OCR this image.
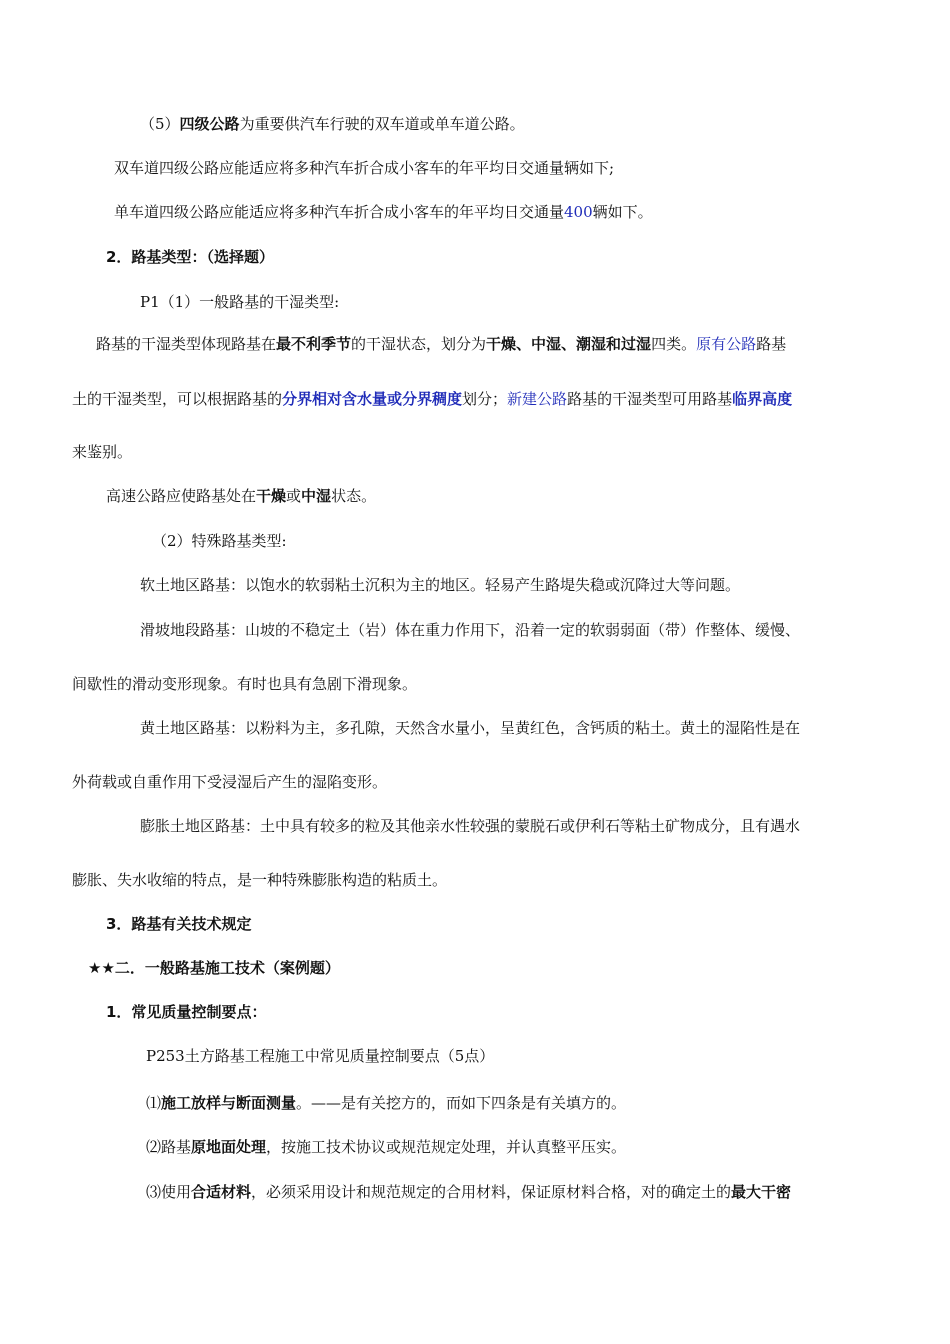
（5）四级公路为重要供汽车行驶的双车道或单车道公路。
双车道四级公路应能适应将多种汽车折合成小客车的年平均日交通量辆如下;
单车道四级公路应能适应将多种汽车折合成小客车的年平均日交通量400辆如下。
2．路基类型：（选择题）
P1（1）一般路基的干湿类型:
路基的干湿类型体现路基在最不利季节的干湿状态，划分为干燥、中湿、潮湿和过湿四类。原有公路路基
土的干湿类型，可以根据路基的分界相对含水量或分界稠度划分；新建公路路基的干湿类型可用路基临界高度
来鉴别。
高速公路应使路基处在干燥或中湿状态。
（2）特殊路基类型:
软土地区路基：以饱水的软弱粘土沉积为主的地区。轻易产生路堤失稳或沉降过大等问题。
滑坡地段路基：山坡的不稳定土（岩）体在重力作用下，沿着一定的软弱弱面（带）作整体、缓慢、
间歇性的滑动变形现象。有时也具有急剧下滑现象。
黄土地区路基：以粉料为主，多孔隙，天然含水量小，呈黄红色，含钙质的粘土。黄土的湿陷性是在
外荷载或自重作用下受浸湿后产生的湿陷变形。
膨胀土地区路基：土中具有较多的粒及其他亲水性较强的蒙脱石或伊利石等粘土矿物成分，且有遇水
膨胀、失水收缩的特点，是一种特殊膨胀构造的粘质土。
3．路基有关技术规定
★★二．一般路基施工技术（案例题）
1．常见质量控制要点：
P253土方路基工程施工中常见质量控制要点（5点）
⑴施工放样与断面测量。——是有关挖方的，而如下四条是有关填方的。
⑵路基原地面处理，按施工技术协议或规范规定处理，并认真整平压实。
⑶使用合适材料，必须采用设计和规范规定的合用材料，保证原材料合格，对的确定土的最大干密
